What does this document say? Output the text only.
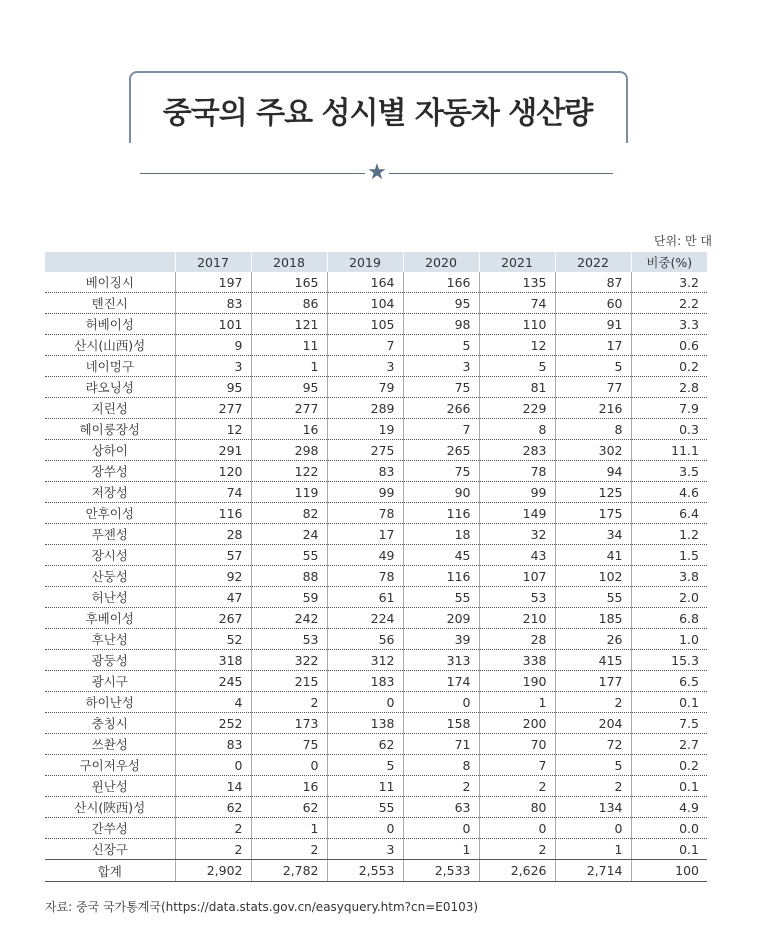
중국의 주요 성시별 자동차 생산량
★
단위: 만 대
	2017	2018	2019	2020	2021	2022	비중(%)
베이징시	197	165	164	166	135	87	3.2
톈진시	83	86	104	95	74	60	2.2
허베이성	101	121	105	98	110	91	3.3
산시(山西)성	9	11	7	5	12	17	0.6
네이멍구	3	1	3	3	5	5	0.2
랴오닝성	95	95	79	75	81	77	2.8
지린성	277	277	289	266	229	216	7.9
헤이룽장성	12	16	19	7	8	8	0.3
상하이	291	298	275	265	283	302	11.1
장쑤성	120	122	83	75	78	94	3.5
저장성	74	119	99	90	99	125	4.6
안후이성	116	82	78	116	149	175	6.4
푸젠성	28	24	17	18	32	34	1.2
장시성	57	55	49	45	43	41	1.5
산둥성	92	88	78	116	107	102	3.8
허난성	47	59	61	55	53	55	2.0
후베이성	267	242	224	209	210	185	6.8
후난성	52	53	56	39	28	26	1.0
광둥성	318	322	312	313	338	415	15.3
광시구	245	215	183	174	190	177	6.5
하이난성	4	2	0	0	1	2	0.1
충칭시	252	173	138	158	200	204	7.5
쓰촨성	83	75	62	71	70	72	2.7
구이저우성	0	0	5	8	7	5	0.2
윈난성	14	16	11	2	2	2	0.1
산시(陜西)성	62	62	55	63	80	134	4.9
간쑤성	2	1	0	0	0	0	0.0
신장구	2	2	3	1	2	1	0.1
합계	2,902	2,782	2,553	2,533	2,626	2,714	100
자료: 중국 국가통계국(https://data.stats.gov.cn/easyquery.htm?cn=E0103)
